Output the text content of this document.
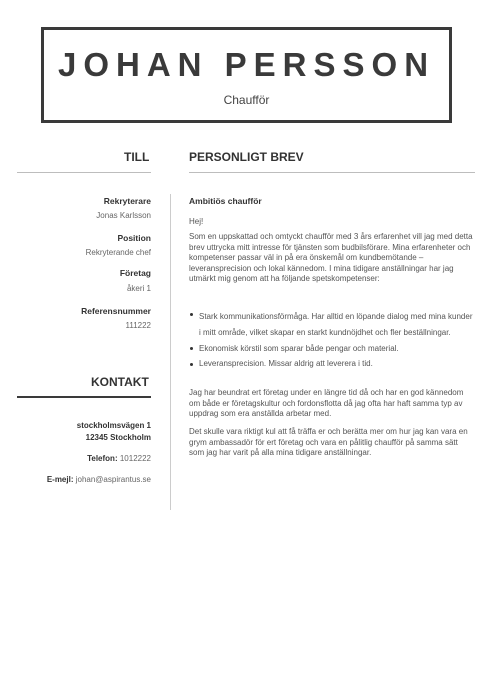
JOHAN PERSSON
Chaufför
TILL
Rekryterare
Jonas Karlsson
Position
Rekryterande chef
Företag
åkeri 1
Referensnummer
111222
KONTAKT
stockholmsvägen 1
12345 Stockholm
Telefon: 1012222
E-mejl: johan@aspirantus.se
PERSONLIGT BREV
Ambitiös chaufför
Hej!
Som en uppskattad och omtyckt chaufför med 3 års erfarenhet vill jag med detta brev uttrycka mitt intresse för tjänsten som budbilsförare. Mina erfarenheter och kompetenser passar väl in på era önskemål om kundbemötande – leveransprecision och lokal kännedom. I mina tidigare anställningar har jag utmärkt mig genom att ha följande spetskompetenser:
Stark kommunikationsförmåga. Har alltid en löpande dialog med mina kunder i mitt område, vilket skapar en starkt kundnöjdhet och fler beställningar.
Ekonomisk körstil som sparar både pengar och material.
Leveransprecision. Missar aldrig att leverera i tid.
Jag har beundrat ert företag under en längre tid då och har en god kännedom om både er företagskultur och fordonsflotta då jag ofta har haft samma typ av uppdrag som era anställda arbetar med.
Det skulle vara riktigt kul att få träffa er och berätta mer om hur jag kan vara en grym ambassadör för ert företag och vara en pålitlig chaufför på samma sätt som jag har varit på alla mina tidigare anställningar.
